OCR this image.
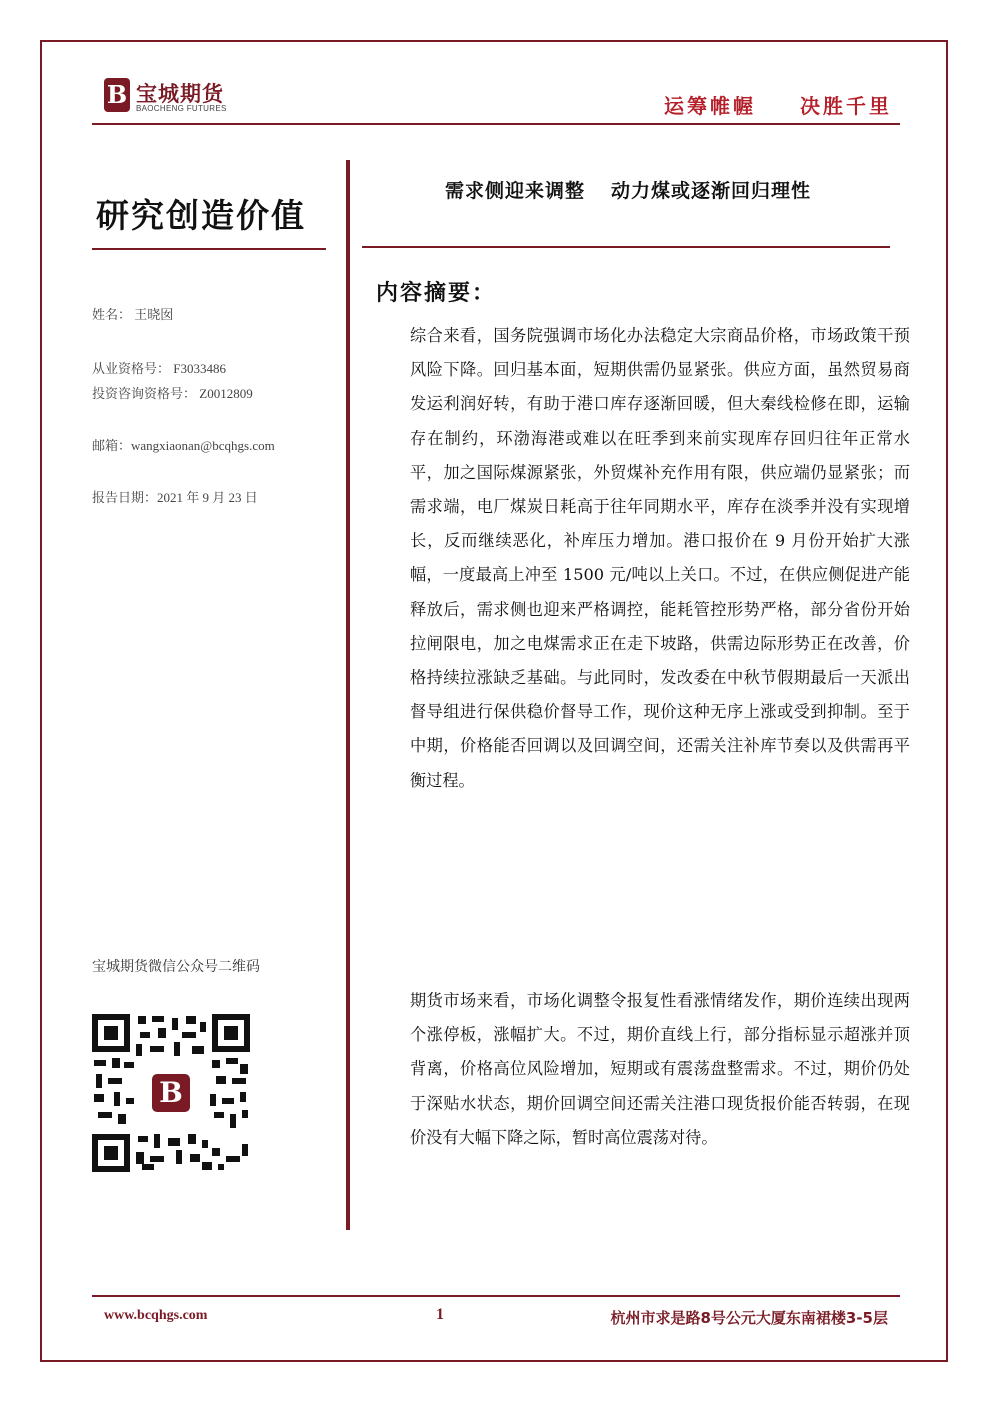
B 宝城期货
BAOCHENG FUTURES	运筹帷幄 决胜千里
研究创造价值
姓名： 王晓囡
从业资格号： F3033486
投资咨询资格号： Z0012809
邮箱：wangxiaonan@bcqhgs.com
报告日期：2021 年 9 月 23 日
宝城期货微信公众号二维码
B
需求侧迎来调整 动力煤或逐渐回归理性
内容摘要：

综合来看，国务院强调市场化办法稳定大宗商品价格，市场政策干预风险下降。回归基本面，短期供需仍显紧张。供应方面，虽然贸易商发运利润好转，有助于港口库存逐渐回暖，但大秦线检修在即，运输存在制约，环渤海港或难以在旺季到来前实现库存回归往年正常水平，加之国际煤源紧张，外贸煤补充作用有限，供应端仍显紧张；而需求端，电厂煤炭日耗高于往年同期水平，库存在淡季并没有实现增长，反而继续恶化，补库压力增加。港口报价在 9 月份开始扩大涨幅，一度最高上冲至 1500 元/吨以上关口。不过，在供应侧促进产能释放后，需求侧也迎来严格调控，能耗管控形势严格，部分省份开始拉闸限电，加之电煤需求正在走下坡路，供需边际形势正在改善，价格持续拉涨缺乏基础。与此同时，发改委在中秋节假期最后一天派出督导组进行保供稳价督导工作，现价这种无序上涨或受到抑制。至于中期，价格能否回调以及回调空间，还需关注补库节奏以及供需再平衡过程。

期货市场来看，市场化调整令报复性看涨情绪发作，期价连续出现两个涨停板，涨幅扩大。不过，期价直线上行，部分指标显示超涨并顶背离，价格高位风险增加，短期或有震荡盘整需求。不过，期价仍处于深贴水状态，期价回调空间还需关注港口现货报价能否转弱，在现价没有大幅下降之际，暂时高位震荡对待。

www.bcqhgs.com	1	杭州市求是路8号公元大厦东南裙楼3-5层
